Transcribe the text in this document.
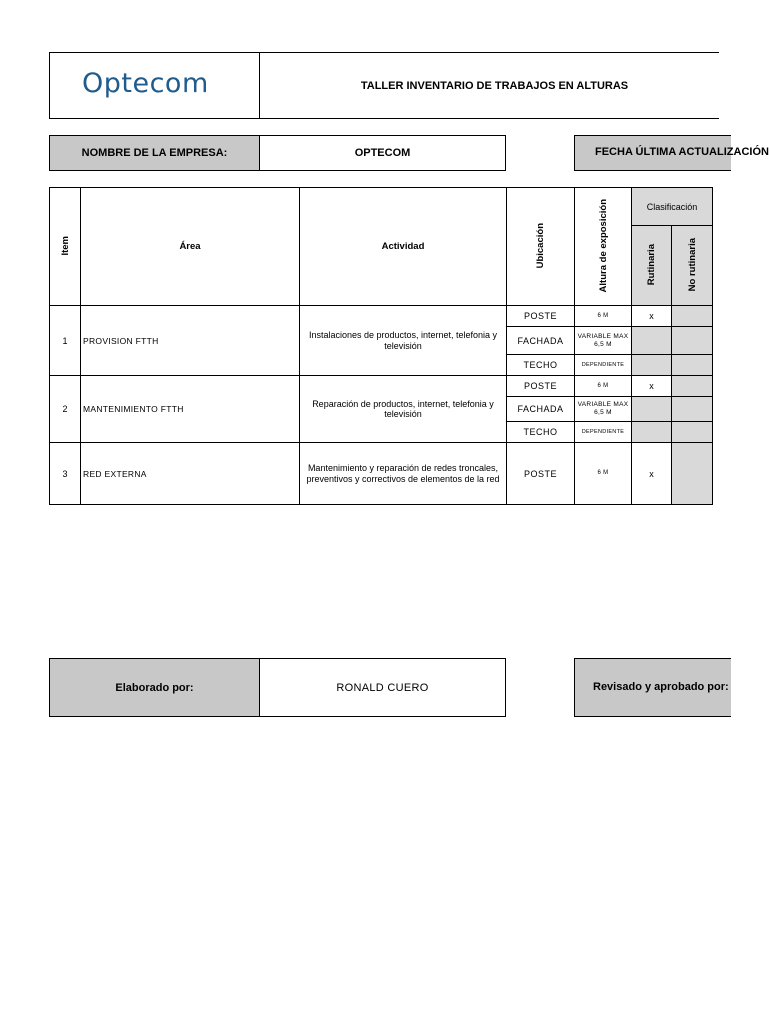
Optecom	TALLER INVENTARIO DE TRABAJOS EN ALTURAS
NOMBRE DE LA EMPRESA:	OPTECOM	FECHA ÚLTIMA ACTUALIZACIÓN
Item	Área	Actividad	Ubicación	Altura de exposición	Clasificación	
					Rutinaria	No rutinaria
1	PROVISION FTTH	Instalaciones de productos, internet, telefonia y televisión	POSTE	6 M	x	
			FACHADA	VARIABLE MAX 6,5 M		
			TECHO	DEPENDIENTE		
2	MANTENIMIENTO FTTH	Reparación de productos, internet, telefonia y televisión	POSTE	6 M	x	
			FACHADA	VARIABLE MAX 6,5 M		
			TECHO	DEPENDIENTE		
3	RED EXTERNA	Mantenimiento y reparación de redes troncales, preventivos y correctivos de elementos de la red	POSTE	6 M	x	
Elaborado por:	RONALD CUERO	Revisado y aprobado por:
